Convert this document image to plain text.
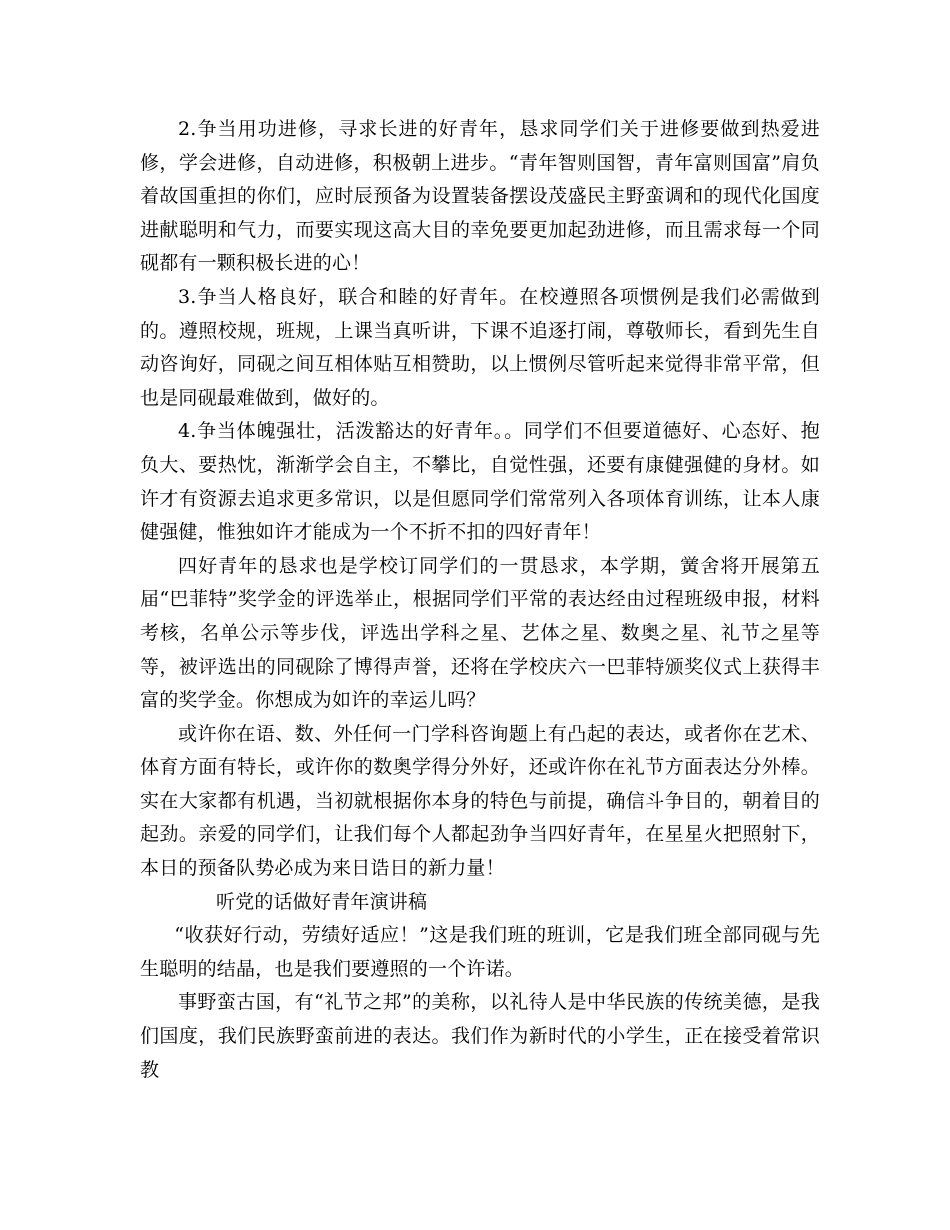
2.争当用功进修，寻求长进的好青年，恳求同学们关于进修要做到热爱进修，学会进修，自动进修，积极朝上进步。“青年智则国智，青年富则国富”肩负着故国重担的你们，应时辰预备为设置装备摆设茂盛民主野蛮调和的现代化国度进献聪明和气力，而要实现这高大目的幸免要更加起劲进修，而且需求每一个同砚都有一颗积极长进的心！

3.争当人格良好，联合和睦的好青年。在校遵照各项惯例是我们必需做到的。遵照校规，班规，上课当真听讲，下课不追逐打闹，尊敬师长，看到先生自动咨询好，同砚之间互相体贴互相赞助，以上惯例尽管听起来觉得非常平常，但也是同砚最难做到，做好的。

4.争当体魄强壮，活泼豁达的好青年。。同学们不但要道德好、心态好、抱负大、要热忱，渐渐学会自主，不攀比，自觉性强，还要有康健强健的身材。如许才有资源去追求更多常识，以是但愿同学们常常列入各项体育训练，让本人康健强健，惟独如许才能成为一个不折不扣的四好青年！

四好青年的恳求也是学校订同学们的一贯恳求，本学期，黉舍将开展第五届“巴菲特”奖学金的评选举止，根据同学们平常的表达经由过程班级申报，材料考核，名单公示等步伐，评选出学科之星、艺体之星、数奥之星、礼节之星等等，被评选出的同砚除了博得声誉，还将在学校庆六一巴菲特颁奖仪式上获得丰富的奖学金。你想成为如许的幸运儿吗？

或许你在语、数、外任何一门学科咨询题上有凸起的表达，或者你在艺术、体育方面有特长，或许你的数奥学得分外好，还或许你在礼节方面表达分外棒。实在大家都有机遇，当初就根据你本身的特色与前提，确信斗争目的，朝着目的起劲。亲爱的同学们，让我们每个人都起劲争当四好青年，在星星火把照射下，本日的预备队势必成为来日诰日的新力量！

听党的话做好青年演讲稿

“收获好行动，劳绩好适应！”这是我们班的班训，它是我们班全部同砚与先生聪明的结晶，也是我们要遵照的一个许诺。

事野蛮古国，有“礼节之邦”的美称，以礼待人是中华民族的传统美德，是我们国度，我们民族野蛮前进的表达。我们作为新时代的小学生，正在接受着常识教
